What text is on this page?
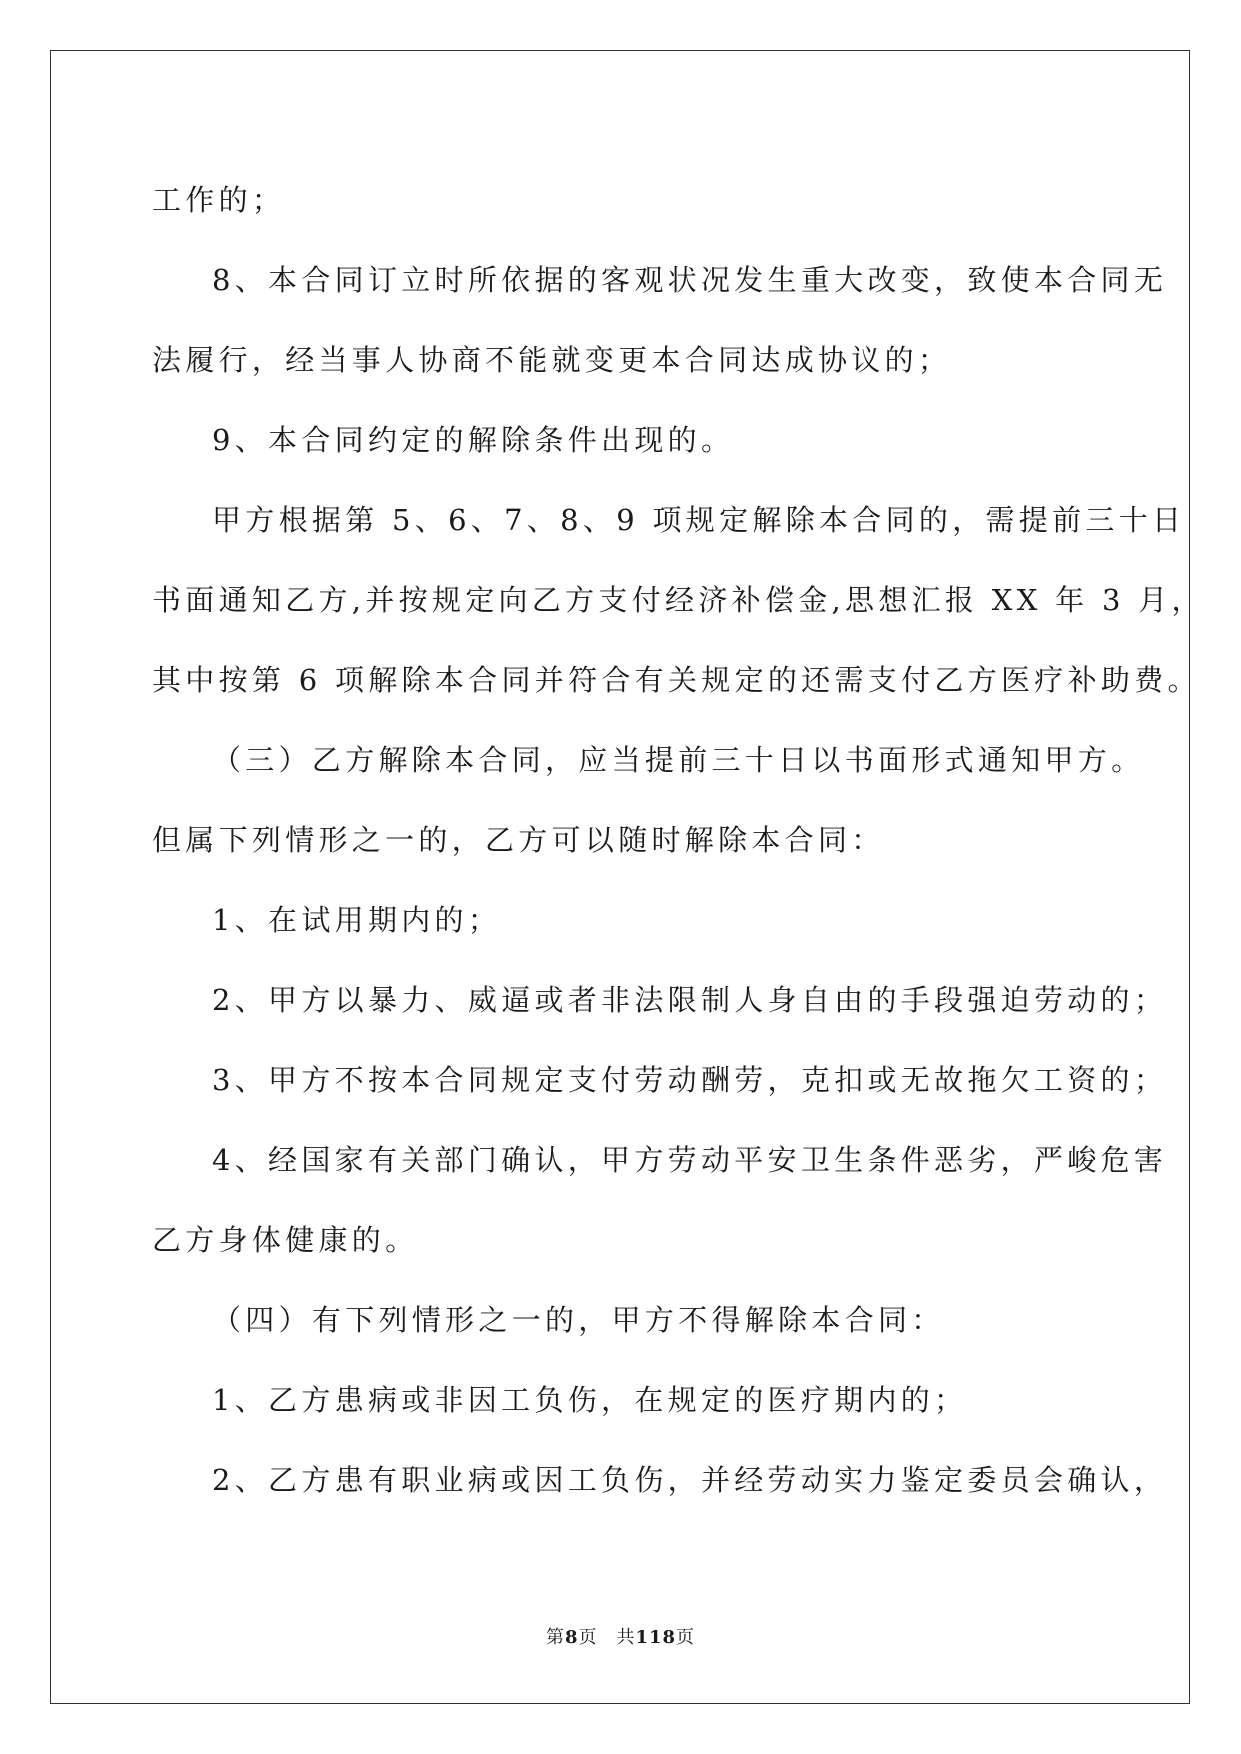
工作的；
8、本合同订立时所依据的客观状况发生重大改变，致使本合同无
法履行，经当事人协商不能就变更本合同达成协议的；
9、本合同约定的解除条件出现的。
甲方根据第 5、6、7、8、9 项规定解除本合同的，需提前三十日
书面通知乙方,并按规定向乙方支付经济补偿金,思想汇报 XX 年 3 月，
其中按第 6 项解除本合同并符合有关规定的还需支付乙方医疗补助费。
（三）乙方解除本合同，应当提前三十日以书面形式通知甲方。
但属下列情形之一的，乙方可以随时解除本合同：
1、在试用期内的；
2、甲方以暴力、威逼或者非法限制人身自由的手段强迫劳动的；
3、甲方不按本合同规定支付劳动酬劳，克扣或无故拖欠工资的；
4、经国家有关部门确认，甲方劳动平安卫生条件恶劣，严峻危害
乙方身体健康的。
（四）有下列情形之一的，甲方不得解除本合同：
1、乙方患病或非因工负伤，在规定的医疗期内的；
2、乙方患有职业病或因工负伤，并经劳动实力鉴定委员会确认，
第8页　共118页
